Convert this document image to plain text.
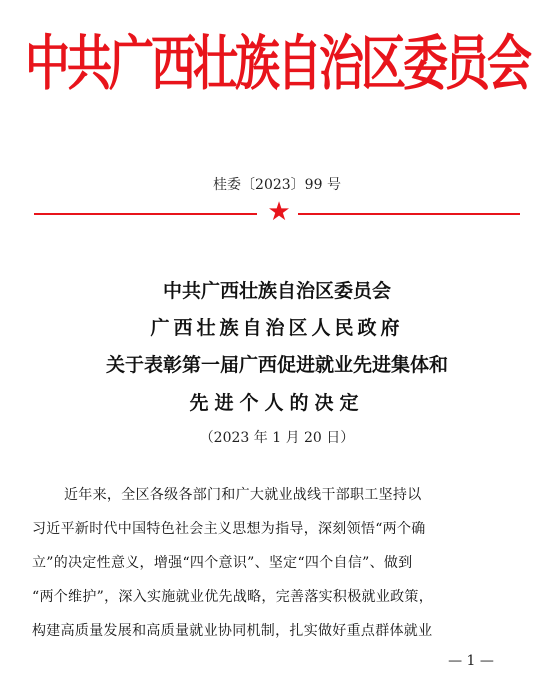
中共广西壮族自治区委员会
桂委〔2023〕99 号
★
中共广西壮族自治区委员会
广西壮族自治区人民政府
关于表彰第一届广西促进就业先进集体和
先进个人的决定
（2023 年 1 月 20 日）
近年来，全区各级各部门和广大就业战线干部职工坚持以
习近平新时代中国特色社会主义思想为指导，深刻领悟“两个确
立”的决定性意义，增强“四个意识”、坚定“四个自信”、做到
“两个维护”，深入实施就业优先战略，完善落实积极就业政策，
构建高质量发展和高质量就业协同机制，扎实做好重点群体就业
— 1 —
